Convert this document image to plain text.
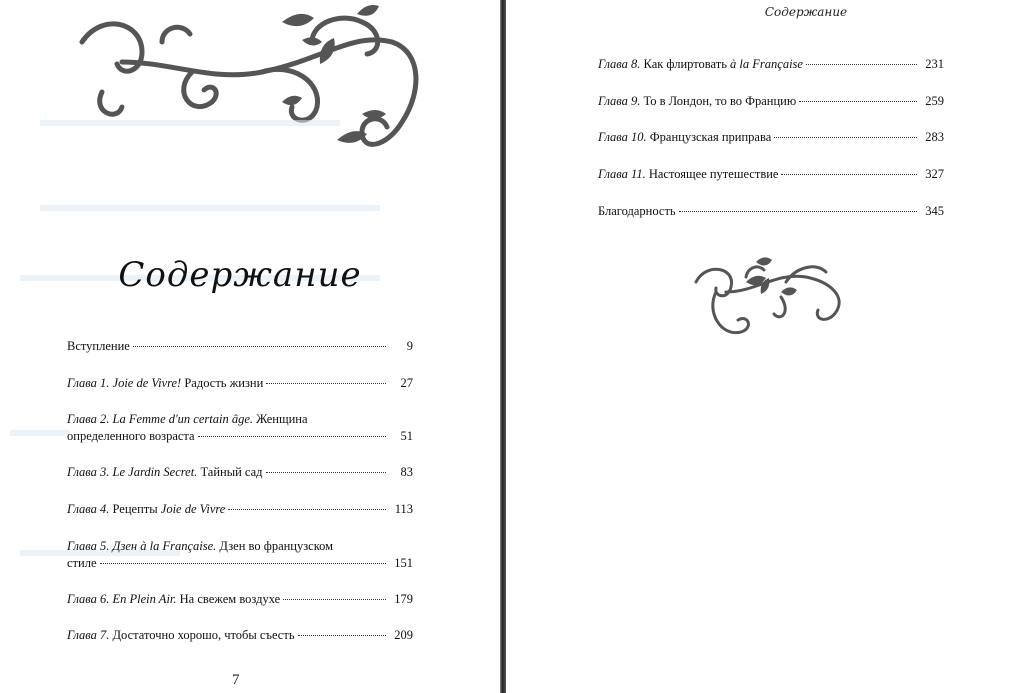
Содержание
Вступление	9
Глава 1. Joie de Vivre! Радость жизни	27
Глава 2. La Femme d'un certain âge. Женщина
определенного возраста	51
Глава 3. Le Jardin Secret. Тайный сад	83
Глава 4. Рецепты Joie de Vivre	113
Глава 5. Дзен à la Française. Дзен во французском
стиле	151
Глава 6. En Plein Air. На свежем воздухе	179
Глава 7. Достаточно хорошо, чтобы съесть	209
7
Содержание
Глава 8. Как флиртовать à la Française	231
Глава 9. То в Лондон, то во Францию	259
Глава 10. Французская приправа	283
Глава 11. Настоящее путешествие	327
Благодарность	345
